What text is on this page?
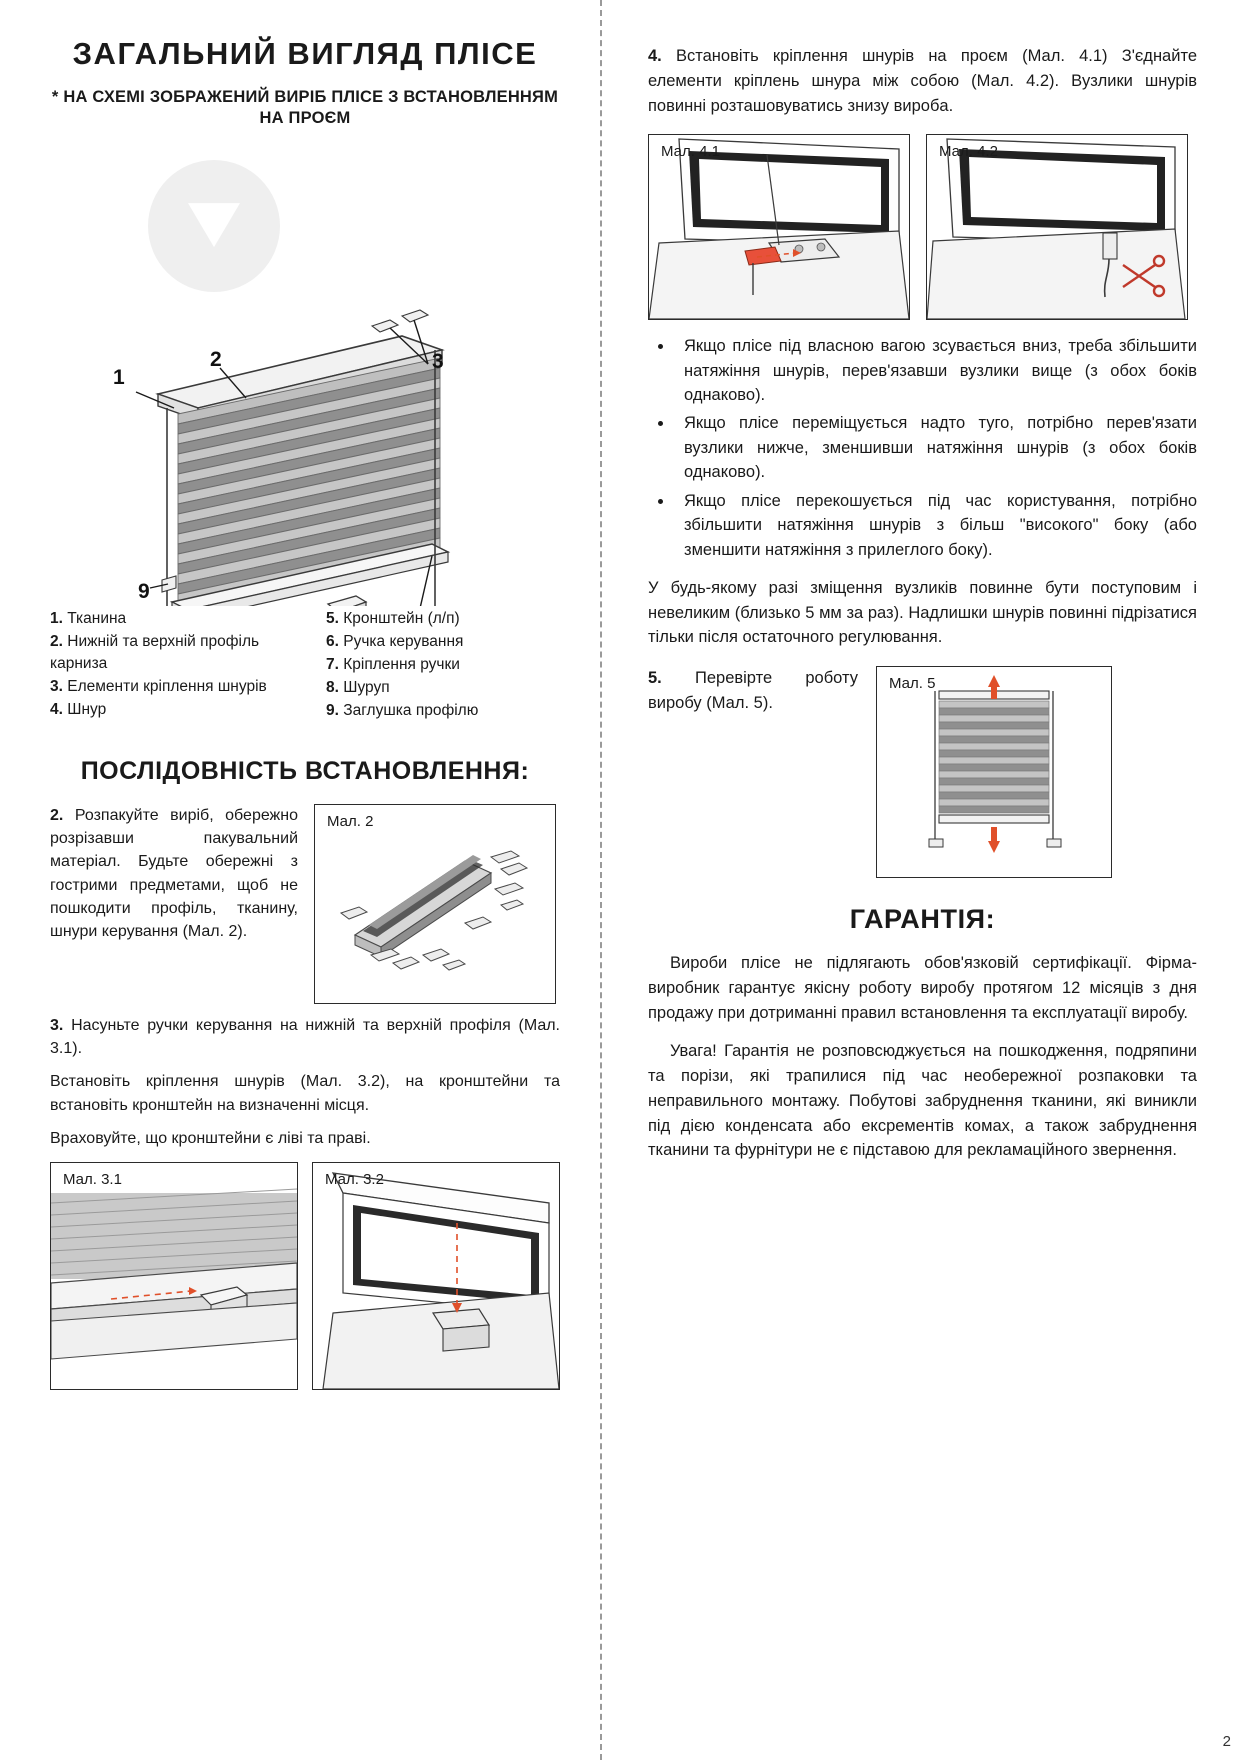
ЗАГАЛЬНИЙ ВИГЛЯД ПЛІСЕ
* НА СХЕМІ ЗОБРАЖЕНИЙ ВИРІБ ПЛІСЕ З ВСТАНОВЛЕННЯМ НА ПРОЄМ
1
2	3
9
1. Тканина
2. Нижній та верхній профіль карниза
3. Елементи кріплення шнурів
4. Шнур
5. Кронштейн (л/п)
6. Ручка керування
7. Кріплення ручки
8. Шуруп
9. Заглушка профілю
ПОСЛІДОВНІСТЬ ВСТАНОВЛЕННЯ:

2. Розпакуйте виріб, обережно розрізавши пакувальний матеріал. Будьте обережні з гострими предметами, щоб не пошкодити профіль, тканину, шнури керування (Мал. 2).

Мал. 2

3. Насуньте ручки керування на нижній та верхній профіля (Мал. 3.1).

Встановіть кріплення шнурів (Мал. 3.2), на кронштейни та встановіть кронштейн на визначенні місця.

Враховуйте, що кронштейни є ліві та праві.

Мал. 3.1	Мал. 3.2

4. Встановіть кріплення шнурів на проєм (Мал. 4.1) З'єднайте елементи кріплень шнура між собою (Мал. 4.2). Вузлики шнурів повинні розташовуватись знизу виробa.

Мал. 4.1	Мал. 4.2
• Якщо плісе під власною вагою зсувається вниз, треба збільшити натяжіння шнурів, перев'язавши вузлики вище (з обох боків однаково).
• Якщо плісе переміщується надто туго, потрібно перев'язати вузлики нижче, зменшивши натяжіння шнурів (з обох боків однаково).
• Якщо плісе перекошується під час користування, потрібно збільшити натяжіння шнурів з більш "високого" боку (або зменшити натяжіння з прилеглого боку).

У будь-якому разі зміщення вузликів повинне бути поступовим і невеликим (близько 5 мм за раз). Надлишки шнурів повинні підрізатися тільки після остаточного регулювання.

5. Перевірте роботу виробу (Мал. 5).

Мал. 5
ГАРАНТІЯ:

Вироби плісе не підлягають обов'язковій сертифікації. Фірма-виробник гарантує якісну роботу виробу протягом 12 місяців з дня продажу при дотриманні правил встановлення та експлуатації виробу.

Увага! Гарантія не розповсюджується на пошкодження, подряпини та порізи, які трапилися під час необережної розпаковки та неправильного монтажу. Побутові забруднення тканини, які виникли під дією конденсата або ексрементів комах, а також забруднення тканини та фурнітури не є підставою для рекламаційного звернення.

2
